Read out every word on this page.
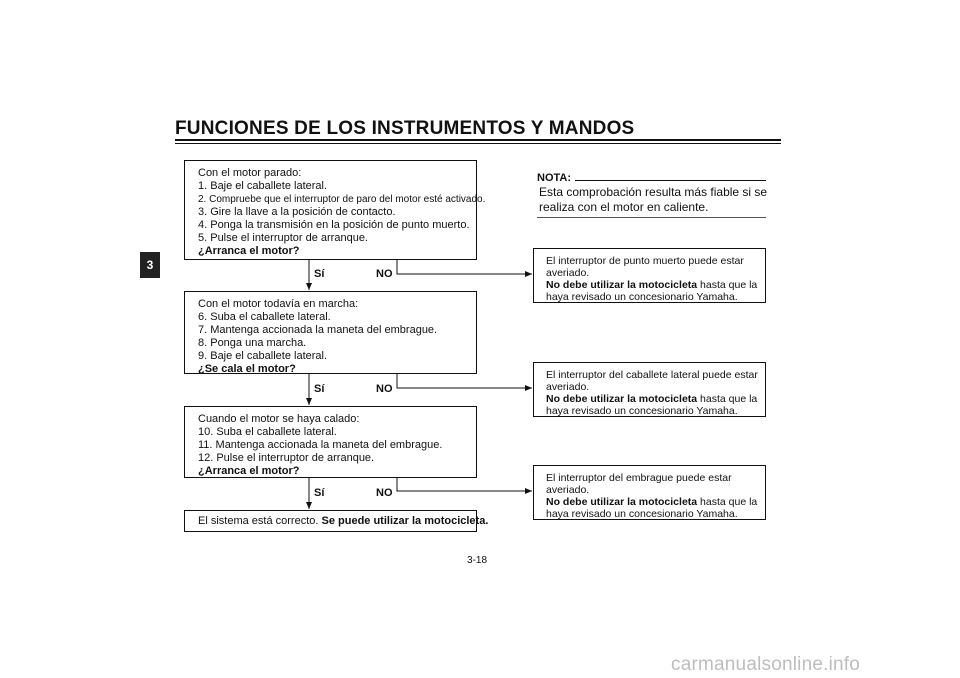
FUNCIONES DE LOS INSTRUMENTOS Y MANDOS
3
Con el motor parado:
1. Baje el caballete lateral.
2. Compruebe que el interruptor de paro del motor esté activado.
3. Gire la llave a la posición de contacto.
4. Ponga la transmisión en la posición de punto muerto.
5. Pulse el interruptor de arranque.
¿Arranca el motor?
Sí	NO
Con el motor todavía en marcha:
6. Suba el caballete lateral.
7. Mantenga accionada la maneta del embrague.
8. Ponga una marcha.
9. Baje el caballete lateral.
¿Se cala el motor?
Sí	NO
Cuando el motor se haya calado:
10. Suba el caballete lateral.
11. Mantenga accionada la maneta del embrague.
12. Pulse el interruptor de arranque.
¿Arranca el motor?
Sí	NO
El sistema está correcto. Se puede utilizar la motocicleta.
NOTA:
Esta comprobación resulta más fiable si se
realiza con el motor en caliente.
El interruptor de punto muerto puede estar
averiado.
No debe utilizar la motocicleta hasta que la
haya revisado un concesionario Yamaha.
El interruptor del caballete lateral puede estar
averiado.
No debe utilizar la motocicleta hasta que la
haya revisado un concesionario Yamaha.
El interruptor del embrague puede estar
averiado.
No debe utilizar la motocicleta hasta que la
haya revisado un concesionario Yamaha.
3-18
carmanualsonline.info
